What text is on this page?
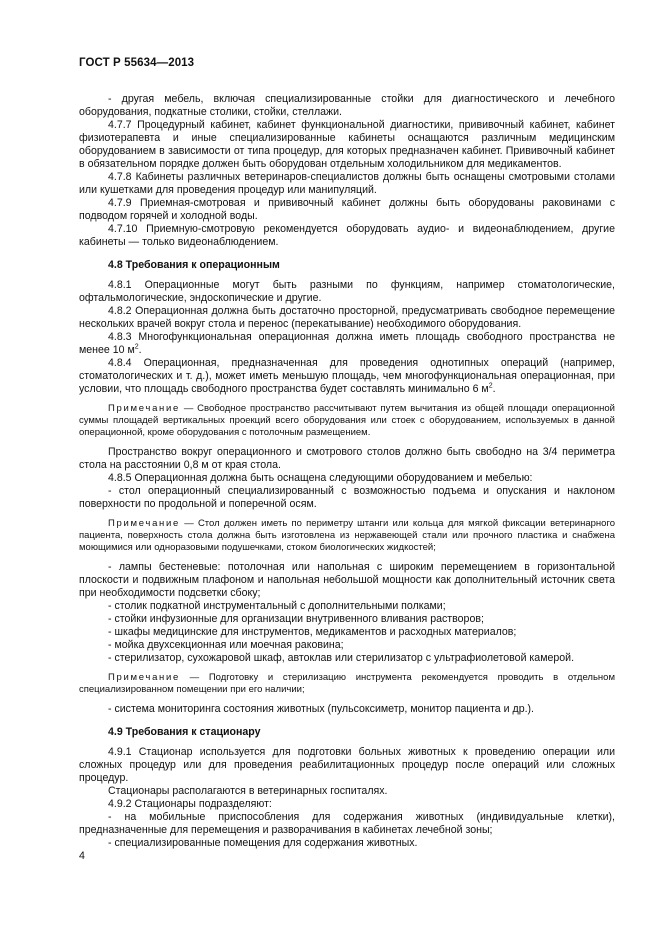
ГОСТ Р 55634—2013

- другая мебель, включая специализированные стойки для диагностического и лечебного оборудования, подкатные столики, стойки, стеллажи.

4.7.7 Процедурный кабинет, кабинет функциональной диагностики, прививочный кабинет, кабинет физиотерапевта и иные специализированные кабинеты оснащаются различным медицинским оборудованием в зависимости от типа процедур, для которых предназначен кабинет. Прививочный кабинет в обязательном порядке должен быть оборудован отдельным холодильником для медикаментов.

4.7.8 Кабинеты различных ветеринаров-специалистов должны быть оснащены смотровыми столами или кушетками для проведения процедур или манипуляций.

4.7.9 Приемная-смотровая и прививочный кабинет должны быть оборудованы раковинами с подводом горячей и холодной воды.

4.7.10 Приемную-смотровую рекомендуется оборудовать аудио- и видеонаблюдением, другие кабинеты — только видеонаблюдением.

4.8 Требования к операционным

4.8.1 Операционные могут быть разными по функциям, например стоматологические, офтальмологические, эндоскопические и другие.

4.8.2 Операционная должна быть достаточно просторной, предусматривать свободное перемещение нескольких врачей вокруг стола и перенос (перекатывание) необходимого оборудования.

4.8.3 Многофункциональная операционная должна иметь площадь свободного пространства не менее 10 $м^2$.

4.8.4 Операционная, предназначенная для проведения однотипных операций (например, стоматологических и т. д.), может иметь меньшую площадь, чем многофункциональная операционная, при условии, что площадь свободного пространства будет составлять минимально 6 $м^2$.

Примечание — Свободное пространство рассчитывают путем вычитания из общей площади операционной суммы площадей вертикальных проекций всего оборудования или стоек с оборудованием, используемых в данной операционной, кроме оборудования с потолочным размещением.

Пространство вокруг операционного и смотрового столов должно быть свободно на 3/4 периметра стола на расстоянии 0,8 м от края стола.

4.8.5 Операционная должна быть оснащена следующими оборудованием и мебелью:

- стол операционный специализированный с возможностью подъема и опускания и наклоном поверхности по продольной и поперечной осям.

Примечание — Стол должен иметь по периметру штанги или кольца для мягкой фиксации ветеринарного пациента, поверхность стола должна быть изготовлена из нержавеющей стали или прочного пластика и снабжена моющимися или одноразовыми подушечками, стоком биологических жидкостей;

- лампы бестеневые: потолочная или напольная с широким перемещением в горизонтальной плоскости и подвижным плафоном и напольная небольшой мощности как дополнительный источник света при необходимости подсветки сбоку;

- столик подкатной инструментальный с дополнительными полками;

- стойки инфузионные для организации внутривенного вливания растворов;

- шкафы медицинские для инструментов, медикаментов и расходных материалов;

- мойка двухсекционная или моечная раковина;

- стерилизатор, сухожаровой шкаф, автоклав или стерилизатор с ультрафиолетовой камерой.

Примечание — Подготовку и стерилизацию инструмента рекомендуется проводить в отдельном специализированном помещении при его наличии;

- система мониторинга состояния животных (пульсоксиметр, монитор пациента и др.).

4.9 Требования к стационару

4.9.1 Стационар используется для подготовки больных животных к проведению операции или сложных процедур или для проведения реабилитационных процедур после операций или сложных процедур.

Стационары располагаются в ветеринарных госпиталях.

4.9.2 Стационары подразделяют:

- на мобильные приспособления для содержания животных (индивидуальные клетки), предназначенные для перемещения и разворачивания в кабинетах лечебной зоны;

- специализированные помещения для содержания животных.

4
